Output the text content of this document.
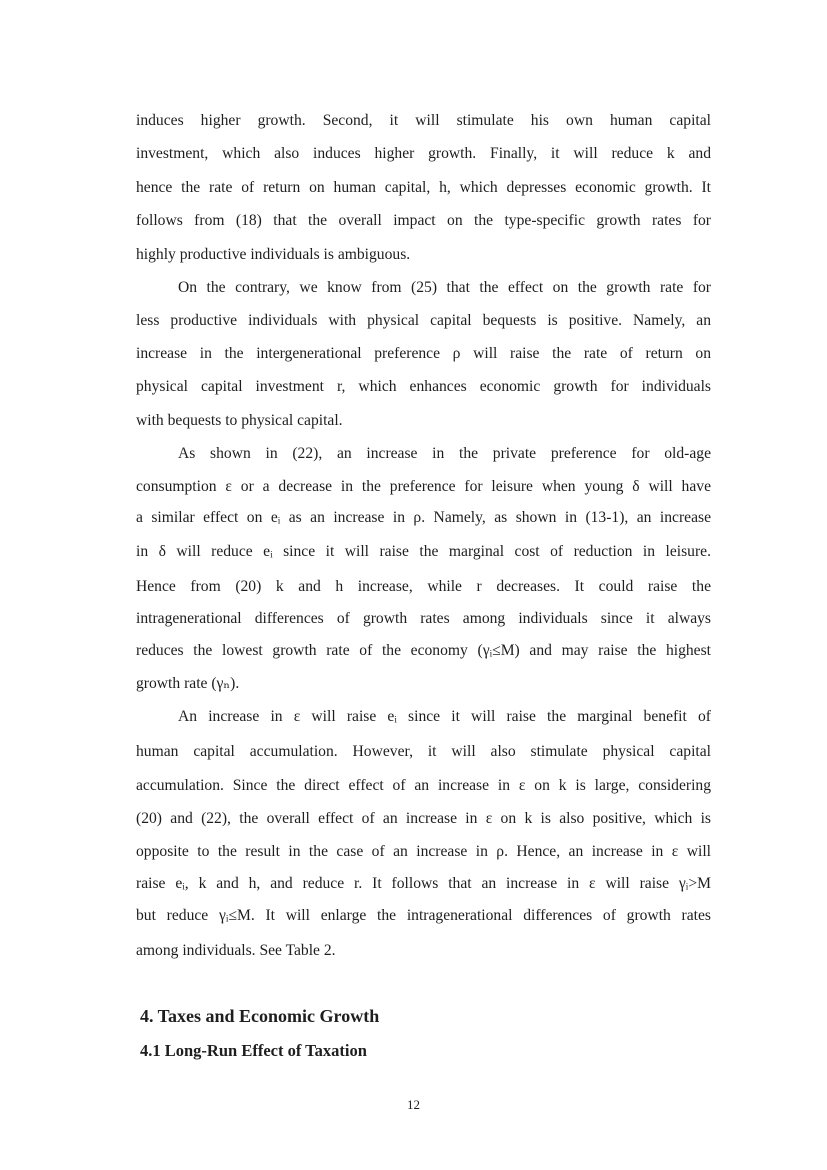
induces higher growth. Second, it will stimulate his own human capital
investment, which also induces higher growth. Finally, it will reduce k and
hence the rate of return on human capital, h, which depresses economic growth. It
follows from (18) that the overall impact on the type-specific growth rates for
highly productive individuals is ambiguous.
On the contrary, we know from (25) that the effect on the growth rate for
less productive individuals with physical capital bequests is positive. Namely, an
increase in the intergenerational preference ρ will raise the rate of return on
physical capital investment r, which enhances economic growth for individuals
with bequests to physical capital.
As shown in (22), an increase in the private preference for old-age
consumption ε or a decrease in the preference for leisure when young δ will have
a similar effect on eᵢ as an increase in ρ. Namely, as shown in (13-1), an increase
in δ will reduce eᵢ since it will raise the marginal cost of reduction in leisure.
Hence from (20) k and h increase, while r decreases. It could raise the
intragenerational differences of growth rates among individuals since it always
reduces the lowest growth rate of the economy (γᵢ≤M) and may raise the highest
growth rate (γₙ).
An increase in ε will raise eᵢ since it will raise the marginal benefit of
human capital accumulation. However, it will also stimulate physical capital
accumulation. Since the direct effect of an increase in ε on k is large, considering
(20) and (22), the overall effect of an increase in ε on k is also positive, which is
opposite to the result in the case of an increase in ρ. Hence, an increase in ε will
raise eᵢ, k and h, and reduce r. It follows that an increase in ε will raise γᵢ>M
but reduce γᵢ≤M. It will enlarge the intragenerational differences of growth rates
among individuals. See Table 2.
4. Taxes and Economic Growth
4.1 Long-Run Effect of Taxation
12
